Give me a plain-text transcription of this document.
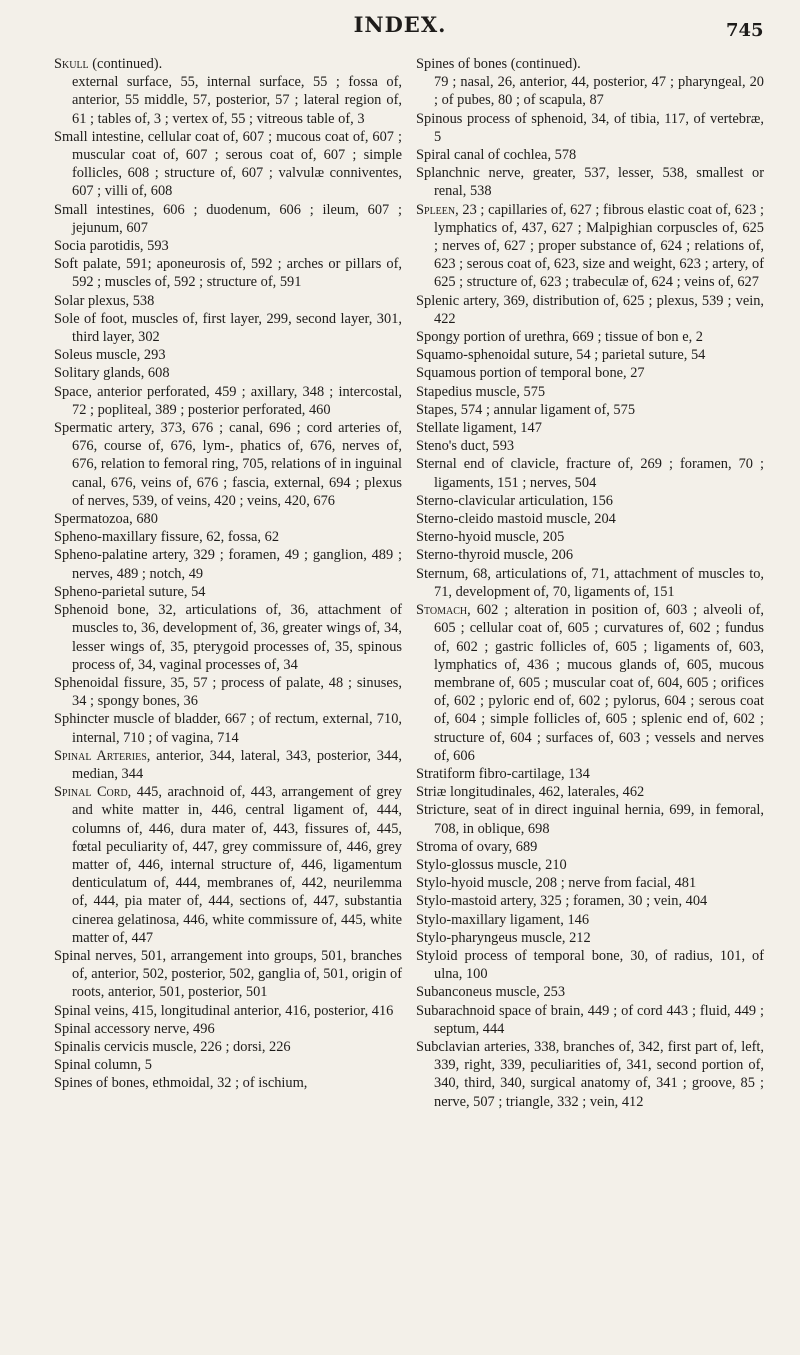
INDEX.	745

Skull (continued).
external surface, 55, internal surface, 55 ; fossa of, anterior, 55 middle, 57, posterior, 57 ; lateral region of, 61 ; tables of, 3 ; vertex of, 55 ; vitreous table of, 3

Small intestine, cellular coat of, 607 ; mucous coat of, 607 ; muscular coat of, 607 ; serous coat of, 607 ; simple follicles, 608 ; structure of, 607 ; valvulæ conniventes, 607 ; villi of, 608

Small intestines, 606 ; duodenum, 606 ; ileum, 607 ; jejunum, 607

Socia parotidis, 593

Soft palate, 591; aponeurosis of, 592 ; arches or pillars of, 592 ; muscles of, 592 ; structure of, 591

Solar plexus, 538

Sole of foot, muscles of, first layer, 299, second layer, 301, third layer, 302

Soleus muscle, 293

Solitary glands, 608

Space, anterior perforated, 459 ; axillary, 348 ; intercostal, 72 ; popliteal, 389 ; posterior perforated, 460

Spermatic artery, 373, 676 ; canal, 696 ; cord arteries of, 676, course of, 676, lym-, phatics of, 676, nerves of, 676, relation to femoral ring, 705, relations of in inguinal canal, 676, veins of, 676 ; fascia, external, 694 ; plexus of nerves, 539, of veins, 420 ; veins, 420, 676

Spermatozoa, 680

Spheno-maxillary fissure, 62, fossa, 62

Spheno-palatine artery, 329 ; foramen, 49 ; ganglion, 489 ; nerves, 489 ; notch, 49

Spheno-parietal suture, 54

Sphenoid bone, 32, articulations of, 36, attachment of muscles to, 36, development of, 36, greater wings of, 34, lesser wings of, 35, pterygoid processes of, 35, spinous process of, 34, vaginal processes of, 34

Sphenoidal fissure, 35, 57 ; process of palate, 48 ; sinuses, 34 ; spongy bones, 36

Sphincter muscle of bladder, 667 ; of rectum, external, 710, internal, 710 ; of vagina, 714

Spinal Arteries, anterior, 344, lateral, 343, posterior, 344, median, 344

Spinal Cord, 445, arachnoid of, 443, arrangement of grey and white matter in, 446, central ligament of, 444, columns of, 446, dura mater of, 443, fissures of, 445, fœtal peculiarity of, 447, grey commissure of, 446, grey matter of, 446, internal structure of, 446, ligamentum denticulatum of, 444, membranes of, 442, neurilemma of, 444, pia mater of, 444, sections of, 447, substantia cinerea gelatinosa, 446, white commissure of, 445, white matter of, 447

Spinal nerves, 501, arrangement into groups, 501, branches of, anterior, 502, posterior, 502, ganglia of, 501, origin of roots, anterior, 501, posterior, 501

Spinal veins, 415, longitudinal anterior, 416, posterior, 416

Spinal accessory nerve, 496

Spinalis cervicis muscle, 226 ; dorsi, 226

Spinal column, 5

Spines of bones, ethmoidal, 32 ; of ischium,

Spines of bones (continued).
79 ; nasal, 26, anterior, 44, posterior, 47 ; pharyngeal, 20 ; of pubes, 80 ; of scapula, 87

Spinous process of sphenoid, 34, of tibia, 117, of vertebræ, 5

Spiral canal of cochlea, 578

Splanchnic nerve, greater, 537, lesser, 538, smallest or renal, 538

Spleen, 23 ; capillaries of, 627 ; fibrous elastic coat of, 623 ; lymphatics of, 437, 627 ; Malpighian corpuscles of, 625 ; nerves of, 627 ; proper substance of, 624 ; relations of, 623 ; serous coat of, 623, size and weight, 623 ; artery, of 625 ; structure of, 623 ; trabeculæ of, 624 ; veins of, 627

Splenic artery, 369, distribution of, 625 ; plexus, 539 ; vein, 422

Spongy portion of urethra, 669 ; tissue of bon e, 2

Squamo-sphenoidal suture, 54 ; parietal suture, 54

Squamous portion of temporal bone, 27

Stapedius muscle, 575

Stapes, 574 ; annular ligament of, 575

Stellate ligament, 147

Steno's duct, 593

Sternal end of clavicle, fracture of, 269 ; foramen, 70 ; ligaments, 151 ; nerves, 504

Sterno-clavicular articulation, 156

Sterno-cleido mastoid muscle, 204

Sterno-hyoid muscle, 205

Sterno-thyroid muscle, 206

Sternum, 68, articulations of, 71, attachment of muscles to, 71, development of, 70, ligaments of, 151

Stomach, 602 ; alteration in position of, 603 ; alveoli of, 605 ; cellular coat of, 605 ; curvatures of, 602 ; fundus of, 602 ; gastric follicles of, 605 ; ligaments of, 603, lymphatics of, 436 ; mucous glands of, 605, mucous membrane of, 605 ; muscular coat of, 604, 605 ; orifices of, 602 ; pyloric end of, 602 ; pylorus, 604 ; serous coat of, 604 ; simple follicles of, 605 ; splenic end of, 602 ; structure of, 604 ; surfaces of, 603 ; vessels and nerves of, 606

Stratiform fibro-cartilage, 134

Striæ longitudinales, 462, laterales, 462

Stricture, seat of in direct inguinal hernia, 699, in femoral, 708, in oblique, 698

Stroma of ovary, 689

Stylo-glossus muscle, 210

Stylo-hyoid muscle, 208 ; nerve from facial, 481

Stylo-mastoid artery, 325 ; foramen, 30 ; vein, 404

Stylo-maxillary ligament, 146

Stylo-pharyngeus muscle, 212

Styloid process of temporal bone, 30, of radius, 101, of ulna, 100

Subanconeus muscle, 253

Subarachnoid space of brain, 449 ; of cord 443 ; fluid, 449 ; septum, 444

Subclavian arteries, 338, branches of, 342, first part of, left, 339, right, 339, peculiarities of, 341, second portion of, 340, third, 340, surgical anatomy of, 341 ; groove, 85 ; nerve, 507 ; triangle, 332 ; vein, 412
